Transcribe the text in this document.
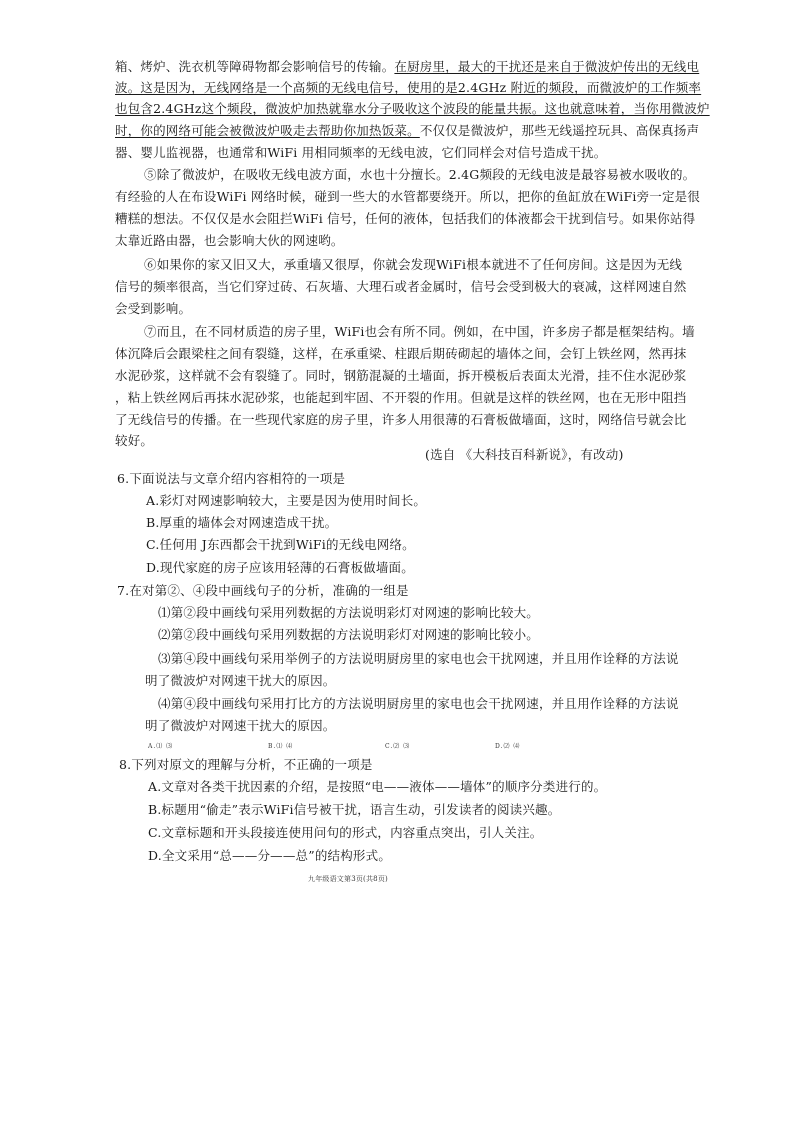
箱、烤炉、洗衣机等障碍物都会影响信号的传输。在厨房里，最大的干扰还是来自于微波炉传出的无线电
波。这是因为，无线网络是一个高频的无线电信号，使用的是2.4GHz 附近的频段，而微波炉的工作频率
也包含2.4GHz这个频段，微波炉加热就靠水分子吸收这个波段的能量共振。这也就意味着，当你用微波炉
时，你的网络可能会被微波炉吸走去帮助你加热饭菜。不仅仅是微波炉，那些无线遥控玩具、高保真扬声
器、婴儿监视器，也通常和WiFi 用相同频率的无线电波，它们同样会对信号造成干扰。
⑤除了微波炉，在吸收无线电波方面，水也十分擅长。2.4G频段的无线电波是最容易被水吸收的。
有经验的人在布设WiFi 网络时候，碰到一些大的水管都要绕开。所以，把你的鱼缸放在WiFi旁一定是很
糟糕的想法。不仅仅是水会阻拦WiFi 信号，任何的液体，包括我们的体液都会干扰到信号。如果你站得
太靠近路由器，也会影响大伙的网速哟。
⑥如果你的家又旧又大，承重墙又很厚，你就会发现WiFi根本就进不了任何房间。这是因为无线
信号的频率很高，当它们穿过砖、石灰墙、大理石或者金属时，信号会受到极大的衰减，这样网速自然
会受到影响。
⑦而且，在不同材质造的房子里，WiFi也会有所不同。例如，在中国，许多房子都是框架结构。墙
体沉降后会跟梁柱之间有裂缝，这样，在承重梁、柱跟后期砖砌起的墙体之间，会钉上铁丝网，然再抹
水泥砂浆，这样就不会有裂缝了。同时，钢筋混凝的土墙面，拆开模板后表面太光滑，挂不住水泥砂浆
，粘上铁丝网后再抹水泥砂浆，也能起到牢固、不开裂的作用。但就是这样的铁丝网，也在无形中阻挡
了无线信号的传播。在一些现代家庭的房子里，许多人用很薄的石膏板做墙面，这时，网络信号就会比
较好。
(选自 《大科技百科新说》，有改动)
6.下面说法与文章介绍内容相符的一项是
A.彩灯对网速影响较大，主要是因为使用时间长。
B.厚重的墙体会对网速造成干扰。
C.任何用 J东西都会干扰到WiFi的无线电网络。
D.现代家庭的房子应该用轻薄的石膏板做墙面。
7.在对第②、④段中画线句子的分析，准确的一组是
⑴第②段中画线句采用列数据的方法说明彩灯对网速的影响比较大。
⑵第②段中画线句采用列数据的方法说明彩灯对网速的影响比较小。
⑶第④段中画线句采用举例子的方法说明厨房里的家电也会干扰网速，并且用作诠释的方法说
明了微波炉对网速干扰大的原因。
⑷第④段中画线句采用打比方的方法说明厨房里的家电也会干扰网速，并且用作诠释的方法说
明了微波炉对网速干扰大的原因。
A.⑴ ⑶	B.⑴ ⑷	C.⑵ ⑶	D.⑵ ⑷
8.下列对原文的理解与分析，不正确的一项是
A.文章对各类干扰因素的介绍，是按照“电——液体——墙体”的顺序分类进行的。
B.标题用“偷走”表示WiFi信号被干扰，语言生动，引发读者的阅读兴趣。
C.文章标题和开头段接连使用问句的形式，内容重点突出，引人关注。
D.全文采用“总——分——总”的结构形式。
九年级语文第3页(共8页)
